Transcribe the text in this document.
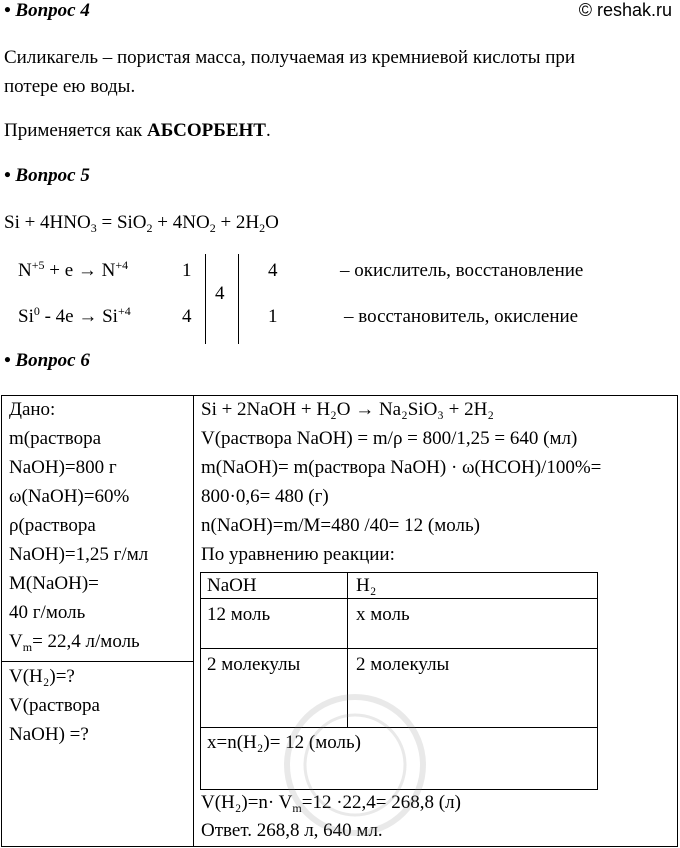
• Вопрос 4	© reshak.ru
Силикагель – пористая масса, получаемая из кремниевой кислоты при
потере ею воды.
Применяется как АБСОРБЕНТ.
• Вопрос 5
$Si + 4HNO_3 = SiO_2 + 4NO_2 + 2H_2O$
$N^{+5} + e \to N^{+4}$	1	4	– окислитель, восстановление
$Si^0 - 4e \to Si^{+4}$	4	1	– восстановитель, окисление
4
• Вопрос 6
Дано:
m(раствора
NaOH)=800 г
ω(NaOH)=60%
ρ(раствора
NaOH)=1,25 г/мл
M(NaOH)=
40 г/моль
$V_m= 22,4$ л/моль
V(H₂)=?
V(раствора
NaOH) =?
Si + 2NaOH + H₂O → Na₂SiO₃ + 2H₂
V(раствора NaOH) = m/ρ = 800/1,25 = 640 (мл)
m(NaOH)= m(раствора NaOH) · ω(HCOH)/100%=
800·0,6= 480 (г)
n(NaOH)=m/M=480 /40= 12 (моль)
По уравнению реакции:
NaOH	H₂
12 моль	x моль
2 молекулы	2 молекулы
x=n(H₂)= 12 (моль)
$V(H_2)=n\cdot V_m=12 \cdot 22,4= 268,8$ (л)
Ответ. 268,8 л, 640 мл.
